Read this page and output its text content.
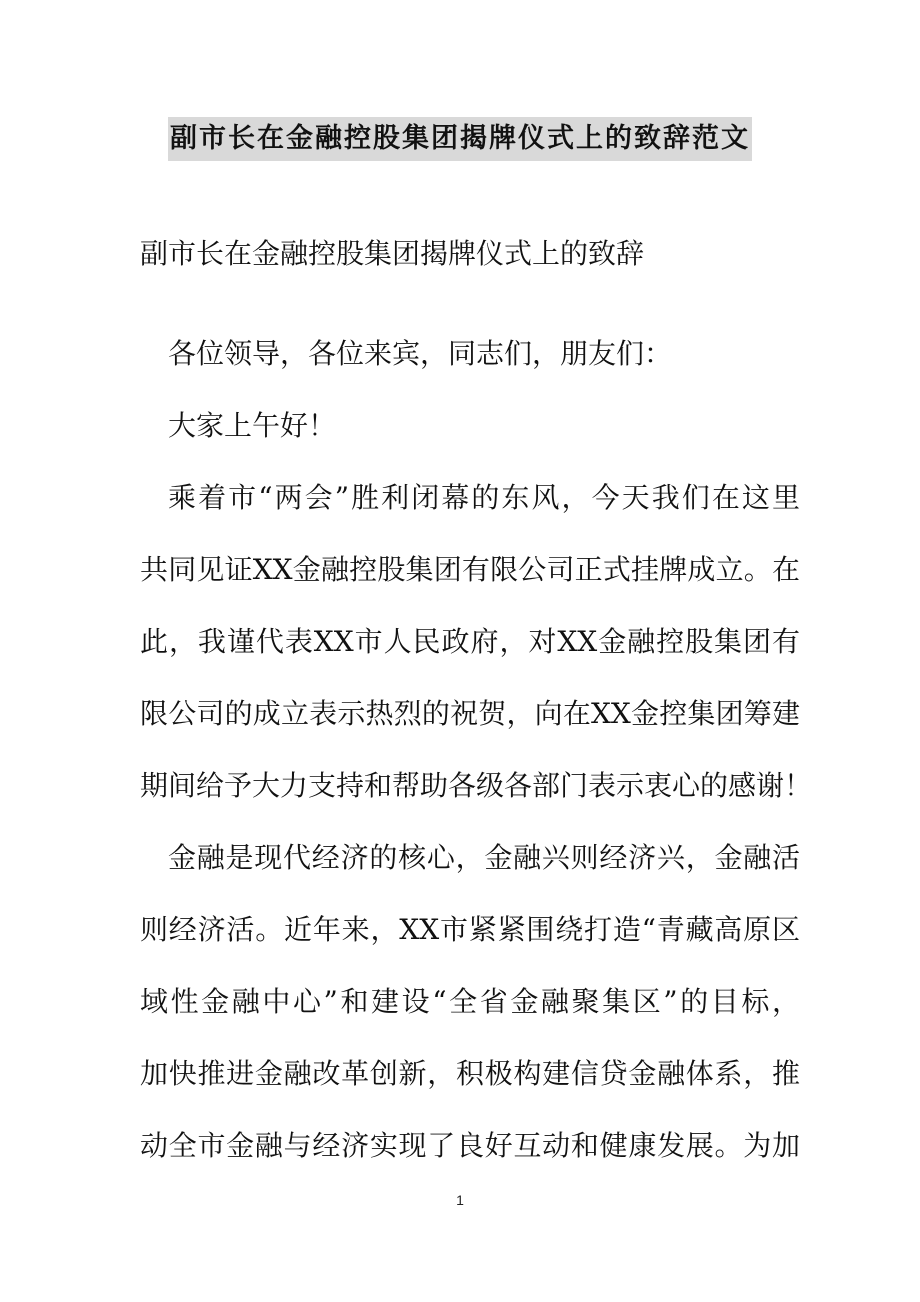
副市长在金融控股集团揭牌仪式上的致辞范文

副市长在金融控股集团揭牌仪式上的致辞

各位领导，各位来宾，同志们，朋友们：

大家上午好！

乘着市“两会”胜利闭幕的东风，今天我们在这里

共同见证XX金融控股集团有限公司正式挂牌成立。在

此，我谨代表XX市人民政府，对XX金融控股集团有

限公司的成立表示热烈的祝贺，向在XX金控集团筹建

期间给予大力支持和帮助各级各部门表示衷心的感谢！

金融是现代经济的核心，金融兴则经济兴，金融活

则经济活。近年来，XX市紧紧围绕打造“青藏高原区

域性金融中心”和建设“全省金融聚集区”的目标，

加快推进金融改革创新，积极构建信贷金融体系，推

动全市金融与经济实现了良好互动和健康发展。为加

1
